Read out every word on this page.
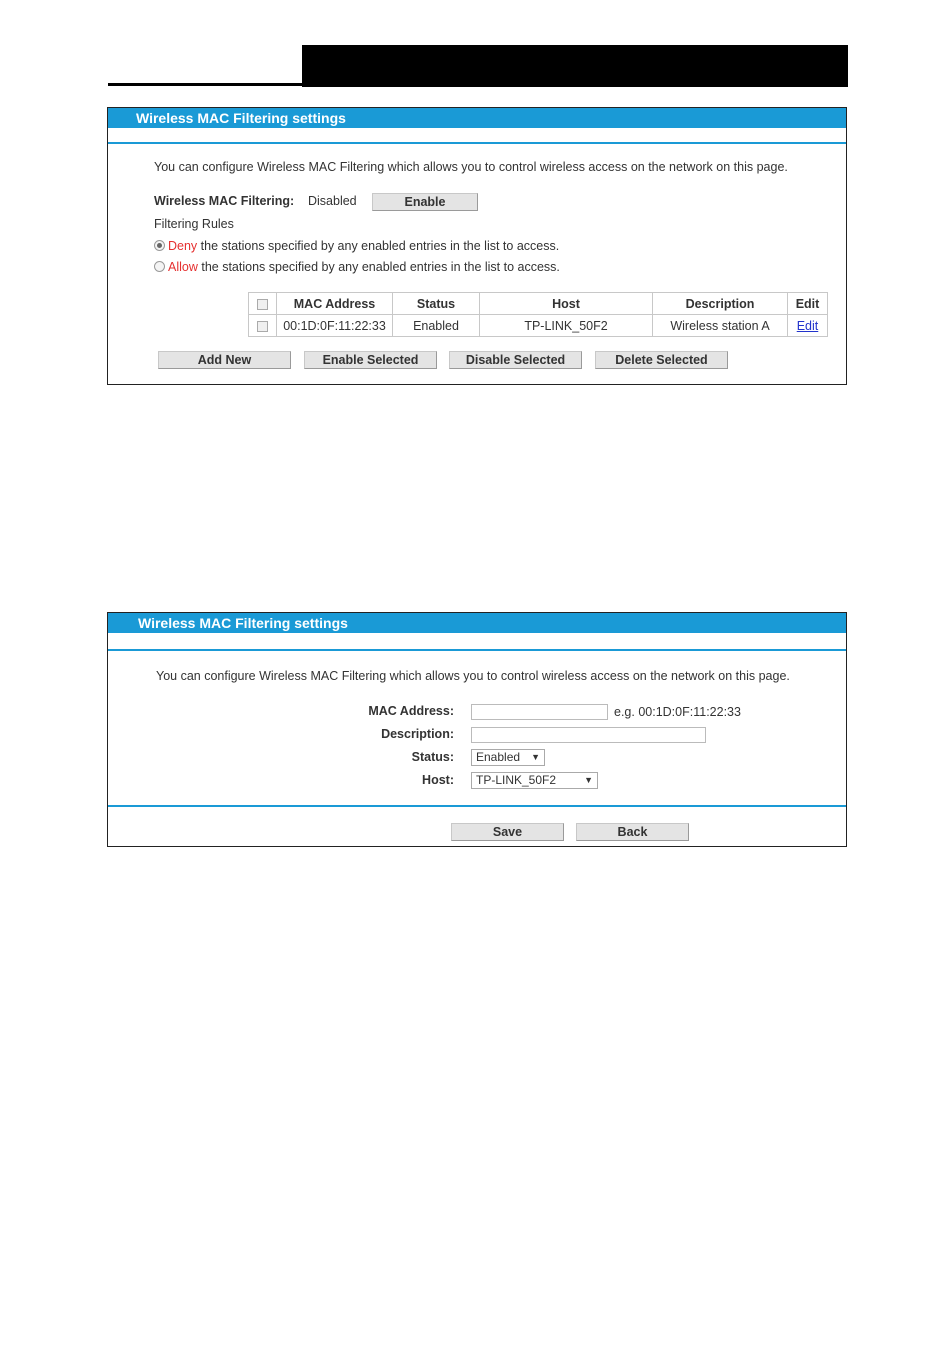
Wireless MAC Filtering settings
You can configure Wireless MAC Filtering which allows you to control wireless access on the network on this page.
Wireless MAC Filtering: Disabled	Enable
Filtering Rules
Deny the stations specified by any enabled entries in the list to access.
Allow the stations specified by any enabled entries in the list to access.
	MAC Address	Status	Host	Description	Edit
	00:1D:0F:11:22:33	Enabled	TP-LINK_50F2	Wireless station A	Edit
Add New	Enable Selected	Disable Selected	Delete Selected
Wireless MAC Filtering settings
You can configure Wireless MAC Filtering which allows you to control wireless access on the network on this page.
MAC Address:	e.g. 00:1D:0F:11:22:33
Description:
Status:	Enabled ▼
Host:	TP-LINK_50F2	▼
Save	Back
